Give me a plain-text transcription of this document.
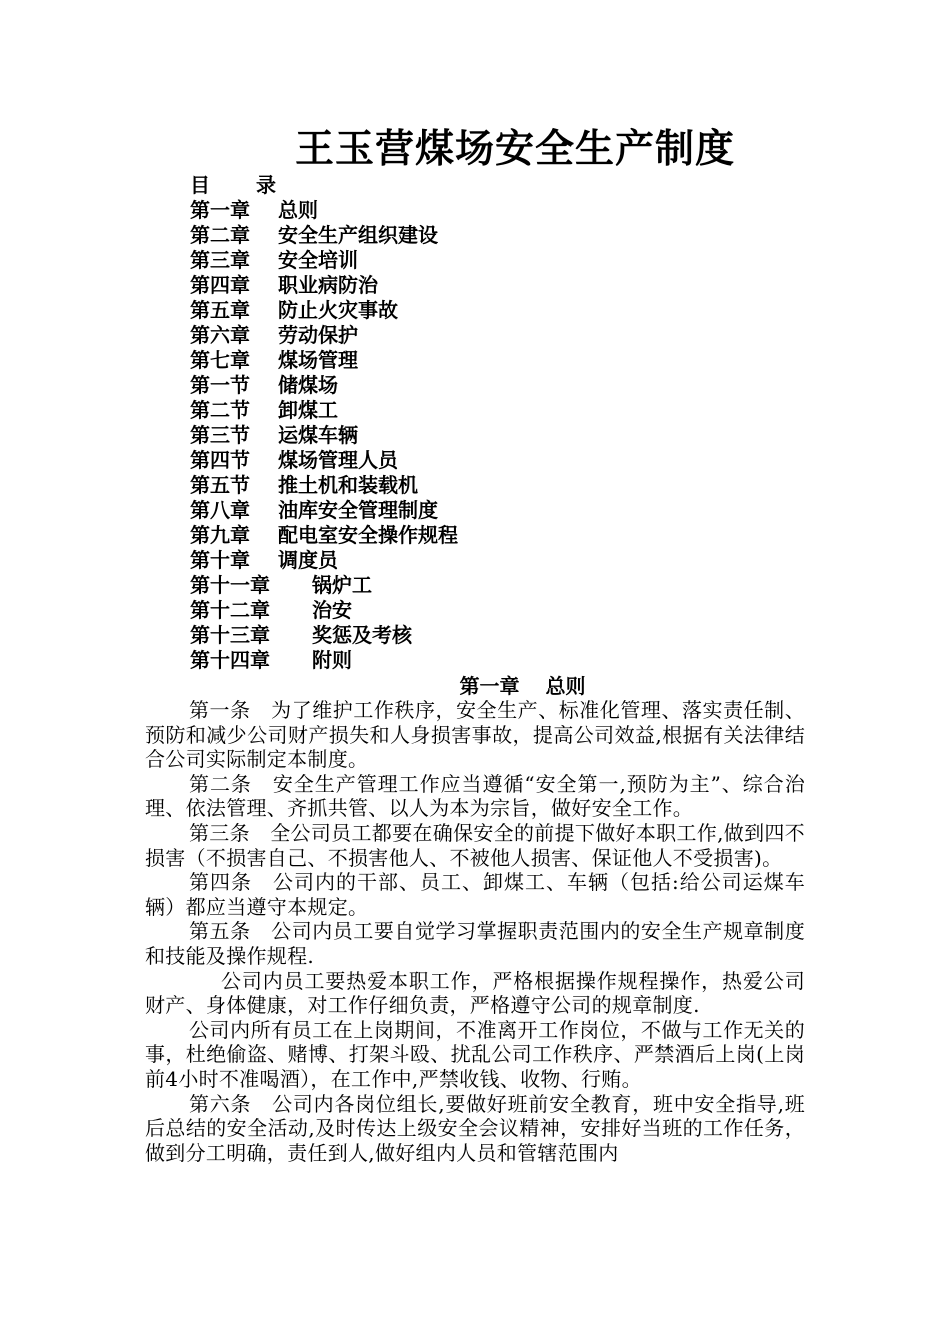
王玉营煤场安全生产制度
目 录
第一章 总则
第二章 安全生产组织建设
第三章 安全培训
第四章 职业病防治
第五章 防止火灾事故
第六章 劳动保护
第七章 煤场管理
第一节 储煤场
第二节 卸煤工
第三节 运煤车辆
第四节 煤场管理人员
第五节 推土机和装载机
第八章 油库安全管理制度
第九章 配电室安全操作规程
第十章 调度员
第十一章 锅炉工
第十二章 治安
第十三章 奖惩及考核
第十四章 附则
第一章 总则

第一条　为了维护工作秩序，安全生产、标准化管理、落实责任制、预防和减少公司财产损失和人身损害事故，提高公司效益,根据有关法律结合公司实际制定本制度。

第二条　安全生产管理工作应当遵循“安全第一,预防为主”、综合治理、依法管理、齐抓共管、以人为本为宗旨，做好安全工作。

第三条　全公司员工都要在确保安全的前提下做好本职工作,做到四不损害（不损害自己、不损害他人、不被他人损害、保证他人不受损害)。

第四条　公司内的干部、员工、卸煤工、车辆（包括:给公司运煤车辆）都应当遵守本规定。

第五条　公司内员工要自觉学习掌握职责范围内的安全生产规章制度和技能及操作规程.

公司内员工要热爱本职工作，严格根据操作规程操作，热爱公司财产、身体健康，对工作仔细负责，严格遵守公司的规章制度.

公司内所有员工在上岗期间，不准离开工作岗位，不做与工作无关的事，杜绝偷盗、赌博、打架斗殴、扰乱公司工作秩序、严禁酒后上岗(上岗前4小时不准喝酒），在工作中,严禁收钱、收物、行贿。

第六条　公司内各岗位组长,要做好班前安全教育，班中安全指导,班后总结的安全活动,及时传达上级安全会议精神，安排好当班的工作任务，做到分工明确，责任到人,做好组内人员和管辖范围内
